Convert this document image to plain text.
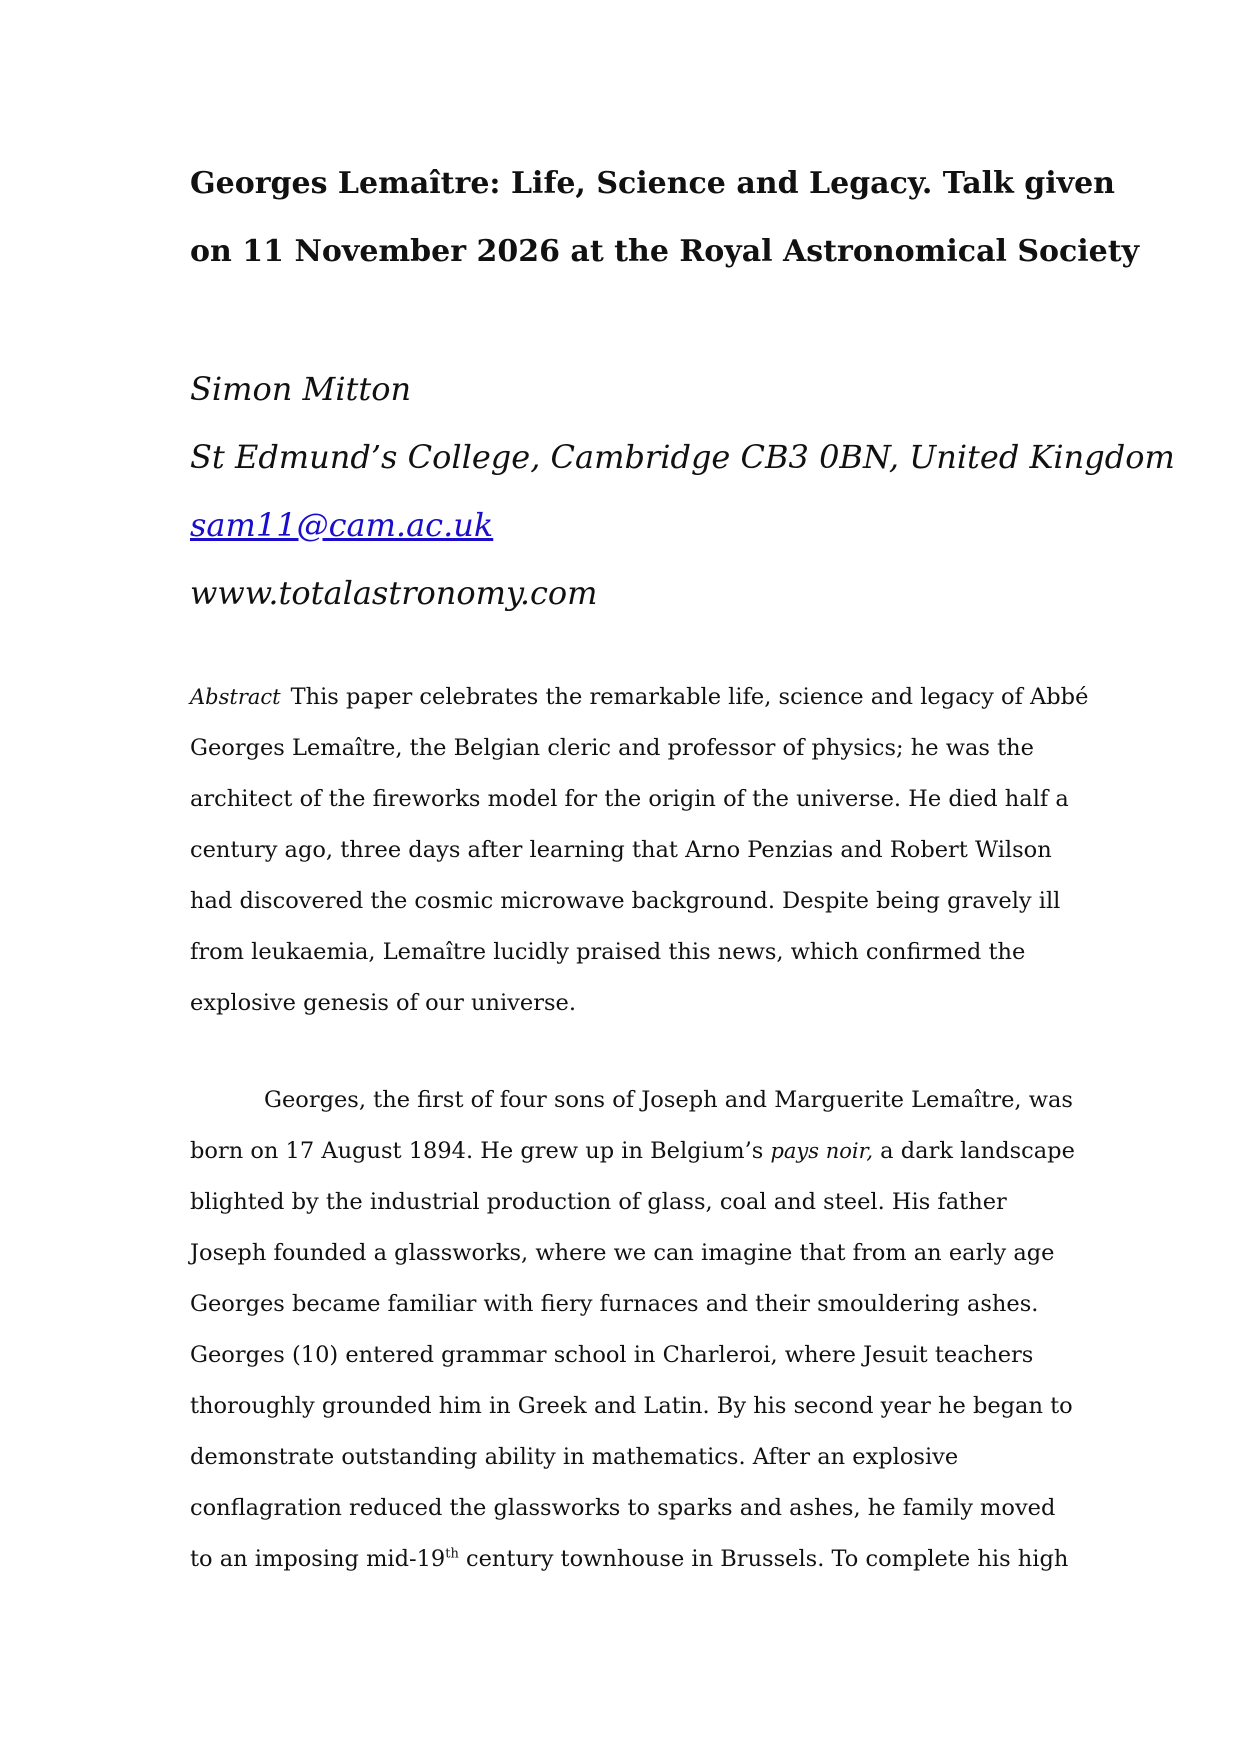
Georges Lemaître: Life, Science and Legacy. Talk given
on 11 November 2026 at the Royal Astronomical Society
Simon Mitton
St Edmund’s College, Cambridge CB3 0BN, United Kingdom
sam11@cam.ac.uk
www.totalastronomy.com
Abstract This paper celebrates the remarkable life, science and legacy of Abbé
Georges Lemaître, the Belgian cleric and professor of physics; he was the
architect of the fireworks model for the origin of the universe. He died half a
century ago, three days after learning that Arno Penzias and Robert Wilson
had discovered the cosmic microwave background. Despite being gravely ill
from leukaemia, Lemaître lucidly praised this news, which confirmed the
explosive genesis of our universe.
Georges, the first of four sons of Joseph and Marguerite Lemaître, was
born on 17 August 1894. He grew up in Belgium’s pays noir, a dark landscape
blighted by the industrial production of glass, coal and steel. His father
Joseph founded a glassworks, where we can imagine that from an early age
Georges became familiar with fiery furnaces and their smouldering ashes.
Georges (10) entered grammar school in Charleroi, where Jesuit teachers
thoroughly grounded him in Greek and Latin. By his second year he began to
demonstrate outstanding ability in mathematics. After an explosive
conflagration reduced the glassworks to sparks and ashes, he family moved
to an imposing mid-19th century townhouse in Brussels. To complete his high
